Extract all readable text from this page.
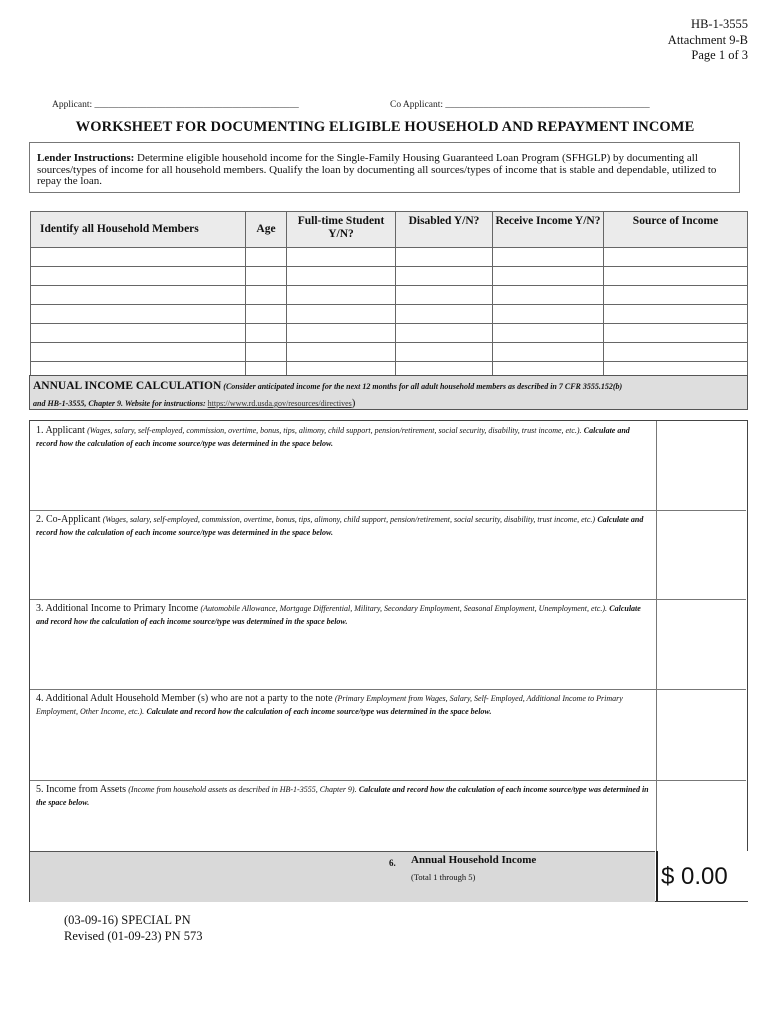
HB-1-3555
Attachment 9-B
Page 1 of 3
Applicant: ___________________________________________	Co Applicant: ___________________________________________
WORKSHEET FOR DOCUMENTING ELIGIBLE HOUSEHOLD AND REPAYMENT INCOME
Lender Instructions: Determine eligible household income for the Single-Family Housing Guaranteed Loan Program (SFHGLP) by documenting all sources/types of income for all household members. Qualify the loan by documenting all sources/types of income that is stable and dependable, utilized to repay the loan.
Identify all Household Members	Age	Full-time Student Y/N?	Disabled Y/N?	Receive Income Y/N?	Source of Income

ANNUAL INCOME CALCULATION (Consider anticipated income for the next 12 months for all adult household members as described in 7 CFR 3555.152(b)
and HB-1-3555, Chapter 9. Website for instructions: https://www.rd.usda.gov/resources/directives)
1. Applicant (Wages, salary, self-employed, commission, overtime, bonus, tips, alimony, child support, pension/retirement, social security, disability, trust income, etc.). Calculate and record how the calculation of each income source/type was determined in the space below.
2. Co-Applicant (Wages, salary, self-employed, commission, overtime, bonus, tips, alimony, child support, pension/retirement, social security, disability, trust income, etc.) Calculate and record how the calculation of each income source/type was determined in the space below.
3. Additional Income to Primary Income (Automobile Allowance, Mortgage Differential, Military, Secondary Employment, Seasonal Employment, Unemployment, etc.). Calculate and record how the calculation of each income source/type was determined in the space below.
4. Additional Adult Household Member (s) who are not a party to the note (Primary Employment from Wages, Salary, Self- Employed, Additional Income to Primary Employment, Other Income, etc.). Calculate and record how the calculation of each income source/type was determined in the space below.
5. Income from Assets (Income from household assets as described in HB-1-3555, Chapter 9). Calculate and record how the calculation of each income source/type was determined in the space below.
6. Annual Household Income
(Total 1 through 5)	$ 0.00
(03-09-16) SPECIAL PN
Revised (01-09-23) PN 573
